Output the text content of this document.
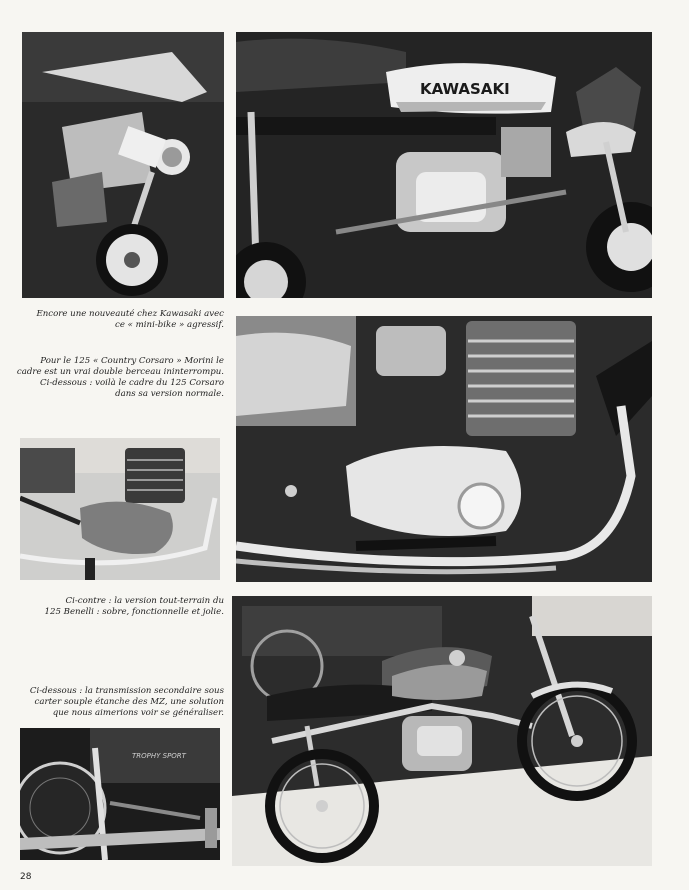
KAWASAKI

Encore une nouveauté chez Kawasaki avec
ce « mini-bike » agressif.

Pour le 125 « Country Corsaro » Morini le
cadre est un vrai double berceau ininterrompu.
Ci-dessous : voilà le cadre du 125 Corsaro
dans sa version normale.

Ci-contre : la version tout-terrain du
125 Benelli : sobre, fonctionnelle et jolie.

Ci-dessous : la transmission secondaire sous
carter souple étanche des MZ, une solution
que nous aimerions voir se généraliser.

TROPHY SPORT
28
